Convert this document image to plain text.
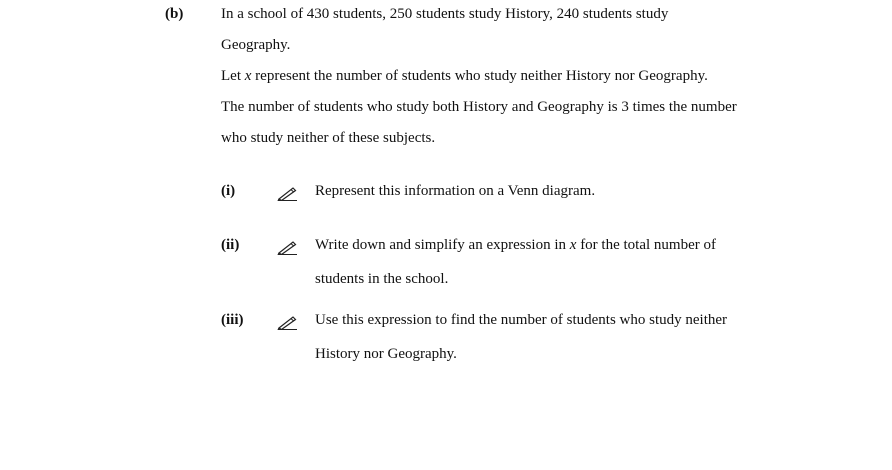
(b)	In a school of 430 students, 250 students study History, 240 students study
Geography.
Let x represent the number of students who study neither History nor Geography.
The number of students who study both History and Geography is 3 times the number
who study neither of these subjects.
(i)	Represent this information on a Venn diagram.
(ii)	Write down and simplify an expression in x for the total number of
students in the school.
(iii)	Use this expression to find the number of students who study neither
History nor Geography.
